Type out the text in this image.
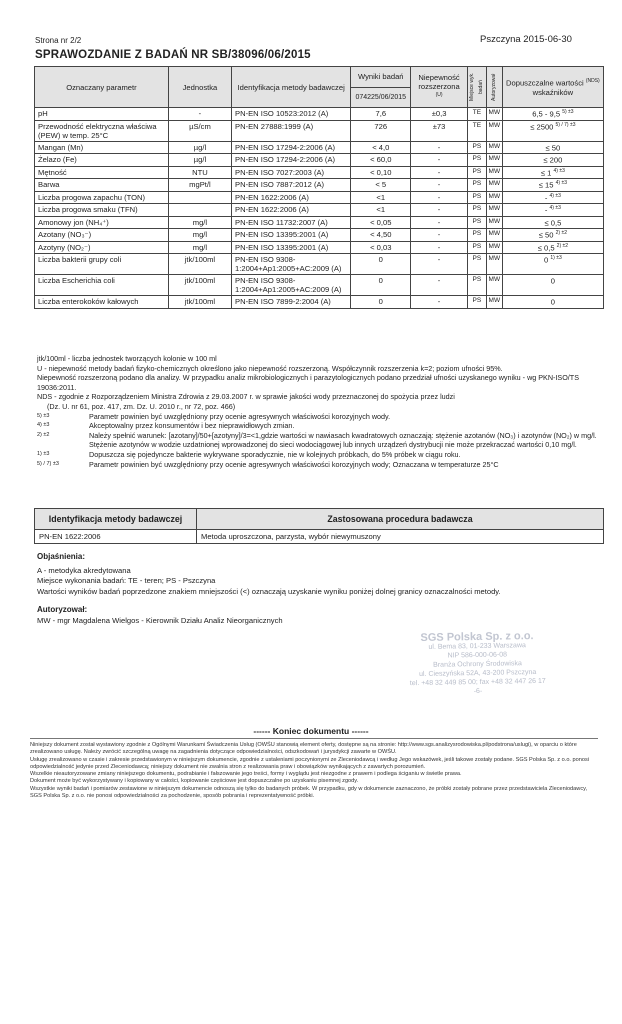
Strona nr 2/2	Pszczyna 2015-06-30
SPRAWOZDANIE Z BADAŃ NR SB/38096/06/2015
Oznaczany parametr	Jednostka	Identyfikacja metody badawczej	Wyniki badań	Niepewność rozszerzona $^{(U)}$	Miejsce wyk. badań	Autoryzował	Dopuszczalne wartości $^{(NDS)}$
wskaźników
			074225/06/2015				
pH	-	PN-EN ISO 10523:2012 (A)	7,6	±0,3	TE	MW	6,5 - 9,5 $^{5) \pm 3}$
Przewodność elektryczna właściwa (PEW) w temp. 25°C	µS/cm	PN-EN 27888:1999 (A)	726	±73	TE	MW	≤ 2500 $^{5) / 7) \pm 3}$
Mangan (Mn)	µg/l	PN-EN ISO 17294-2:2006 (A)	< 4,0	-	PS	MW	≤ 50
Żelazo (Fe)	µg/l	PN-EN ISO 17294-2:2006 (A)	< 60,0	-	PS	MW	≤ 200
Mętność	NTU	PN-EN ISO 7027:2003 (A)	< 0,10	-	PS	MW	≤ 1 $^{4) \pm 3}$
Barwa	mgPt/l	PN-EN ISO 7887:2012 (A)	< 5	-	PS	MW	≤ 15 $^{4) \pm 3}$
Liczba progowa zapachu (TON)		PN-EN 1622:2006 (A)	<1	-	PS	MW	- $^{4) \pm 3}$
Liczba progowa smaku (TFN)		PN-EN 1622:2006 (A)	<1	-	PS	MW	- $^{4) \pm 3}$
Amonowy jon (NH₄⁺)	mg/l	PN-EN ISO 11732:2007 (A)	< 0,05	-	PS	MW	≤ 0,5
Azotany (NO₃⁻)	mg/l	PN-EN ISO 13395:2001 (A)	< 4,50	-	PS	MW	≤ 50 $^{2) \pm 2}$
Azotyny (NO₂⁻)	mg/l	PN-EN ISO 13395:2001 (A)	< 0,03	-	PS	MW	≤ 0,5 $^{2) \pm 2}$
Liczba bakterii grupy coli	jtk/100ml	PN-EN ISO 9308-1:2004+Ap1:2005+AC:2009 (A)	0	-	PS	MW	0 $^{1) \pm 3}$
Liczba Escherichia coli	jtk/100ml	PN-EN ISO 9308-1:2004+Ap1:2005+AC:2009 (A)	0	-	PS	MW	0
Liczba enterokoków kałowych	jtk/100ml	PN-EN ISO 7899-2:2004 (A)	0	-	PS	MW	0
jtk/100ml - liczba jednostek tworzących kolonie w 100 ml
U - niepewność metody badań fizyko-chemicznych określono jako niepewność rozszerzoną. Współczynnik rozszerzenia k=2; poziom ufności 95%.
Niepewność rozszerzoną podano dla analizy. W przypadku analiz mikrobiologicznych i parazytologicznych podano przedział ufności uzyskanego wyniku - wg PKN-ISO/TS 19036:2011.
NDS - zgodnie z Rozporządzeniem Ministra Zdrowia z 29.03.2007 r. w sprawie jakości wody przeznaczonej do spożycia przez ludzi
(Dz. U. nr 61, poz. 417, zm. Dz. U. 2010 r., nr 72, poz. 466)
5) ±3	Parametr powinien być uwzględniony przy ocenie agresywnych właściwości korozyjnych wody.
4) ±3	Akceptowalny przez konsumentów i bez nieprawidłowych zmian.
2) ±2	Należy spełnić warunek: [azotany]/50+[azotyny]/3=<1,gdzie wartości w nawiasach kwadratowych oznaczają: stężenie azotanów (NO₃) i azotynów (NO₂) w mg/l. Stężenie azotynów w wodzie uzdatnionej wprowadzonej do sieci wodociągowej lub innych urządzeń dystrybucji nie może przekraczać wartości 0,10 mg/l.
1) ±3	Dopuszcza się pojedyncze bakterie wykrywane sporadycznie, nie w kolejnych próbkach, do 5% próbek w ciągu roku.
5) / 7) ±3	Parametr powinien być uwzględniony przy ocenie agresywnych właściwości korozyjnych wody; Oznaczana w temperaturze 25°C
Identyfikacja metody badawczej	Zastosowana procedura badawcza
PN-EN 1622:2006	Metoda uproszczona, parzysta, wybór niewymuszony
Objaśnienia:
A - metodyka akredytowana
Miejsce wykonania badań: TE - teren; PS - Pszczyna
Wartości wyników badań poprzedzone znakiem mniejszości (<) oznaczają uzyskanie wyniku poniżej dolnej granicy oznaczalności metody.
Autoryzował:
MW - mgr Magdalena Wielgos - Kierownik Działu Analiz Nieorganicznych
SGS Polska Sp. z o.o.
ul. Bema 83, 01-233 Warszawa
NIP 586-000-06-08
Branża Ochrony Środowiska
ul. Cieszyńska 52A, 43-200 Pszczyna
tel. +48 32 449 85 00; fax +48 32 447 26 17
-6-
------ Koniec dokumentu ------

Niniejszy dokument został wystawiony zgodnie z Ogólnymi Warunkami Świadczenia Usług (OWŚU stanowią element oferty, dostępne są na stronie: http://www.sgs.analizysrodowiska.pl/podstrona/uslugi), w oparciu o które zrealizowano usługę. Należy zwrócić szczególną uwagę na zagadnienia dotyczące odpowiedzialności, odszkodowań i jurysdykcji zawarte w OWŚU.

Usługę zrealizowano w czasie i zakresie przedstawionym w niniejszym dokumencie, zgodnie z ustaleniami poczynionymi ze Zleceniodawcą i według Jego wskazówek, jeśli takowe zostały podane. SGS Polska Sp. z o.o. ponosi odpowiedzialność jedynie przed Zleceniodawcą; niniejszy dokument nie zwalnia stron z realizowania praw i obowiązków wynikających z zawartych porozumień.

Wszelkie nieautoryzowane zmiany niniejszego dokumentu, podrabianie i fałszowanie jego treści, formy i wyglądu jest niezgodne z prawem i podlega ściganiu w świetle prawa.

Dokument może być wykorzystywany i kopiowany w całości, kopiowanie częściowe jest dopuszczalne po uzyskaniu pisemnej zgody.

Wszystkie wyniki badań i pomiarów zestawione w niniejszym dokumencie odnoszą się tylko do badanych próbek. W przypadku, gdy w dokumencie zaznaczono, że próbki zostały pobrane przez przedstawiciela Zleceniodawcy, SGS Polska Sp. z o.o. nie ponosi odpowiedzialności za pochodzenie, sposób pobrania i reprezentatywność próbki.
